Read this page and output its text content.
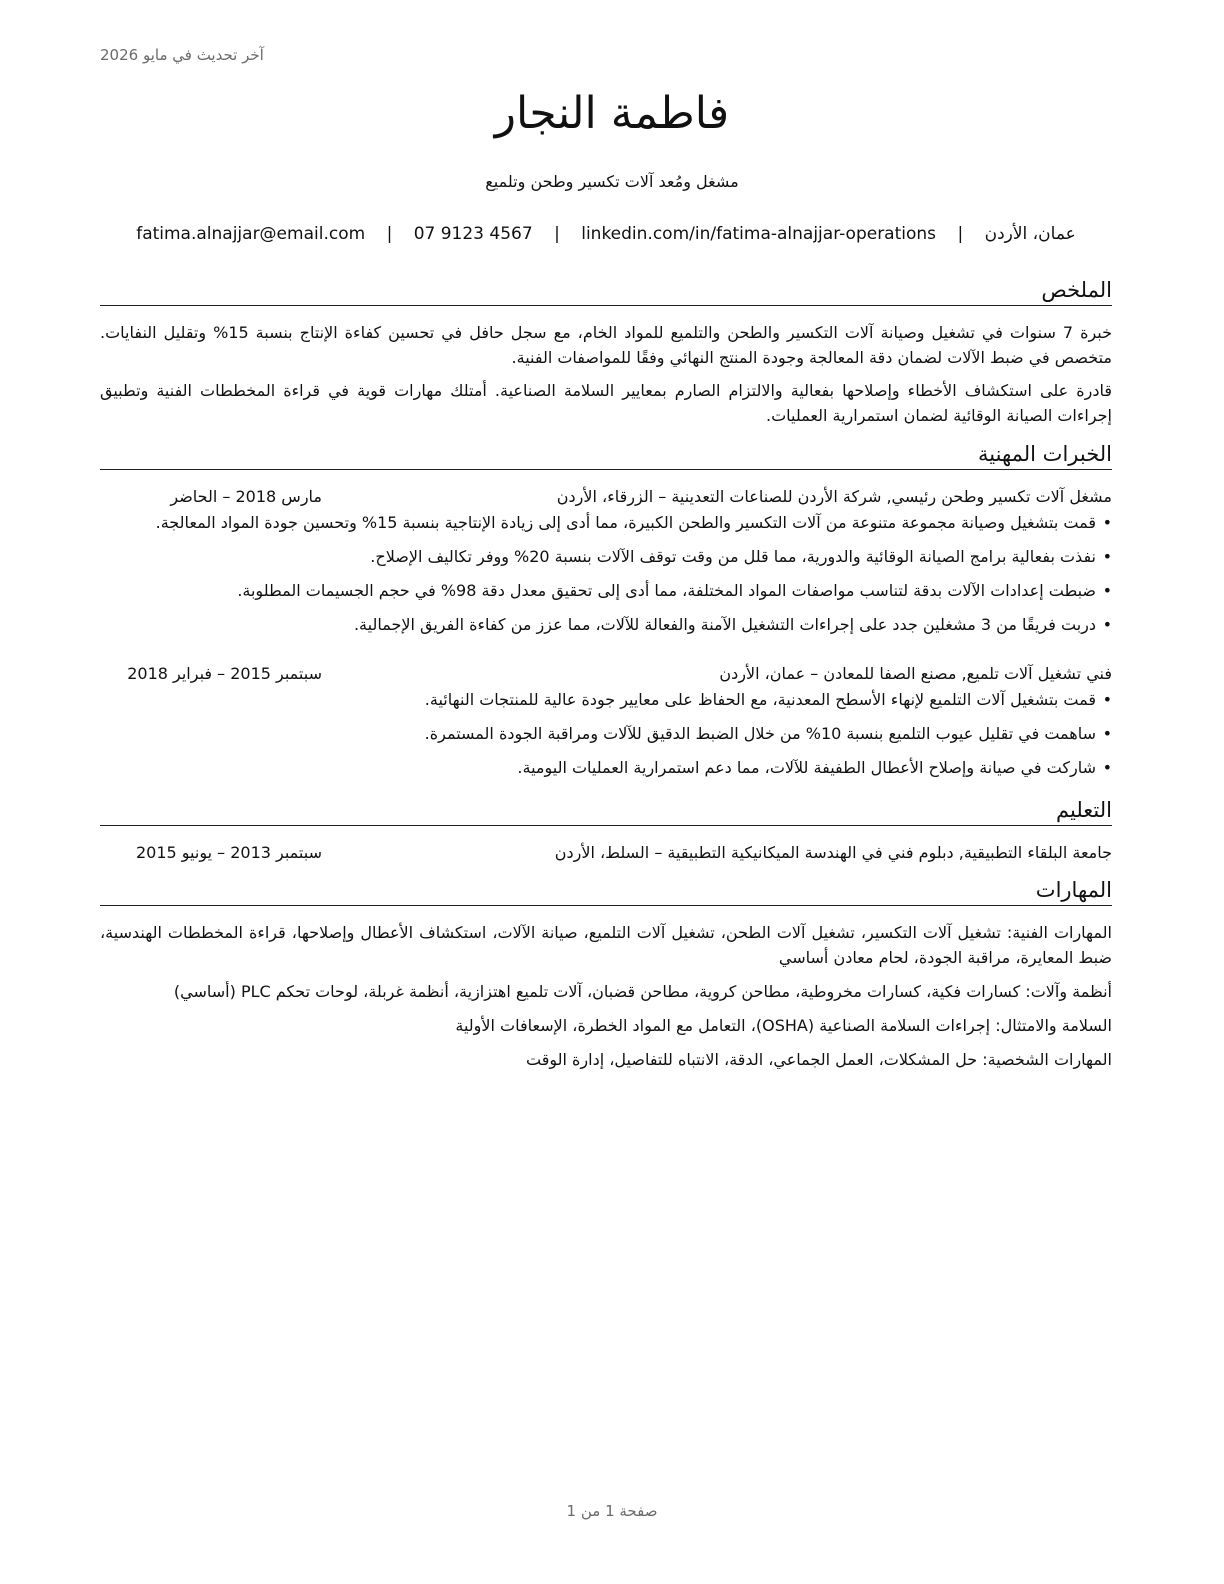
آخر تحديث في مايو 2026
فاطمة النجار
مشغل ومُعد آلات تكسير وطحن وتلميع
عمان، الأردن | fatima.alnajjar@email.com | 07 9123 4567 | linkedin.com/in/fatima-alnajjar-operations
الملخص

خبرة 7 سنوات في تشغيل وصيانة آلات التكسير والطحن والتلميع للمواد الخام، مع سجل حافل في تحسين كفاءة الإنتاج بنسبة 15% وتقليل النفايات. متخصص في ضبط الآلات لضمان دقة المعالجة وجودة المنتج النهائي وفقًا للمواصفات الفنية.

قادرة على استكشاف الأخطاء وإصلاحها بفعالية والالتزام الصارم بمعايير السلامة الصناعية. أمتلك مهارات قوية في قراءة المخططات الفنية وتطبيق إجراءات الصيانة الوقائية لضمان استمرارية العمليات.

الخبرات المهنية
مشغل آلات تكسير وطحن رئيسي, شركة الأردن للصناعات التعدينية – الزرقاء، الأردن
مارس 2018 – الحاضر
• قمت بتشغيل وصيانة مجموعة متنوعة من آلات التكسير والطحن الكبيرة، مما أدى إلى زيادة الإنتاجية بنسبة 15% وتحسين جودة المواد المعالجة.
• نفذت بفعالية برامج الصيانة الوقائية والدورية، مما قلل من وقت توقف الآلات بنسبة 20% ووفر تكاليف الإصلاح.
• ضبطت إعدادات الآلات بدقة لتناسب مواصفات المواد المختلفة، مما أدى إلى تحقيق معدل دقة 98% في حجم الجسيمات المطلوبة.
• دربت فريقًا من 3 مشغلين جدد على إجراءات التشغيل الآمنة والفعالة للآلات، مما عزز من كفاءة الفريق الإجمالية.
فني تشغيل آلات تلميع, مصنع الصفا للمعادن – عمان، الأردن
سبتمبر 2015 – فبراير 2018
• قمت بتشغيل آلات التلميع لإنهاء الأسطح المعدنية، مع الحفاظ على معايير جودة عالية للمنتجات النهائية.
• ساهمت في تقليل عيوب التلميع بنسبة 10% من خلال الضبط الدقيق للآلات ومراقبة الجودة المستمرة.
• شاركت في صيانة وإصلاح الأعطال الطفيفة للآلات، مما دعم استمرارية العمليات اليومية.
التعليم
جامعة البلقاء التطبيقية, دبلوم فني في الهندسة الميكانيكية التطبيقية – السلط، الأردن
سبتمبر 2013 – يونيو 2015
المهارات

المهارات الفنية: تشغيل آلات التكسير، تشغيل آلات الطحن، تشغيل آلات التلميع، صيانة الآلات، استكشاف الأعطال وإصلاحها، قراءة المخططات الهندسية، ضبط المعايرة، مراقبة الجودة، لحام معادن أساسي

أنظمة وآلات: كسارات فكية، كسارات مخروطية، مطاحن كروية، مطاحن قضبان، آلات تلميع اهتزازية، أنظمة غربلة، لوحات تحكم PLC (أساسي)

السلامة والامتثال: إجراءات السلامة الصناعية (OSHA)، التعامل مع المواد الخطرة، الإسعافات الأولية

المهارات الشخصية: حل المشكلات، العمل الجماعي، الدقة، الانتباه للتفاصيل، إدارة الوقت

صفحة 1 من 1
